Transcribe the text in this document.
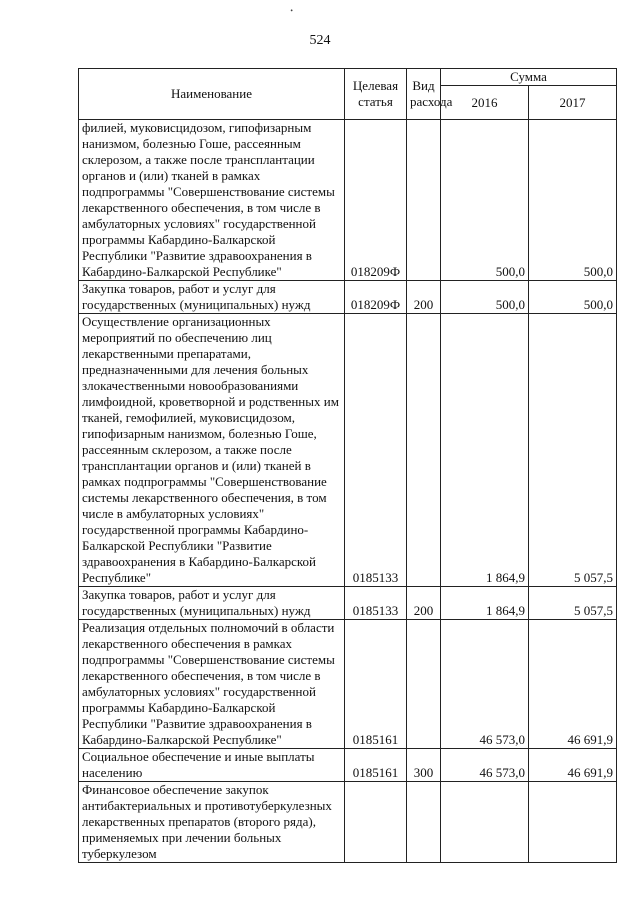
⠠
524
Наименование	Целевая статья	Вид расхода	Сумма	
			2016	2017
филией, муковисцидозом, гипофизарным нанизмом, болезнью Гоше, рассеянным склерозом, а также после трансплантации органов и (или) тканей в рамках подпрограммы "Совершенствование системы лекарственного обеспечения, в том числе в амбулаторных условиях" государственной программы Кабардино-Балкарской Республики "Развитие здравоохранения в Кабардино-Балкарской Республике"	018209Ф		500,0	500,0
Закупка товаров, работ и услуг для государственных (муниципальных) нужд	018209Ф	200	500,0	500,0
Осуществление организационных мероприятий по обеспечению лиц лекарственными препаратами, предназначенными для лечения больных злокачественными новообразованиями лимфоидной, кроветворной и родственных им тканей, гемофилией, муковисцидозом, гипофизарным нанизмом, болезнью Гоше, рассеянным склерозом, а также после трансплантации органов и (или) тканей в рамках подпрограммы "Совершенствование системы лекарственного обеспечения, в том числе в амбулаторных условиях" государственной программы Кабардино-Балкарской Республики "Развитие здравоохранения в Кабардино-Балкарской Республике"	0185133		1 864,9	5 057,5
Закупка товаров, работ и услуг для государственных (муниципальных) нужд	0185133	200	1 864,9	5 057,5
Реализация отдельных полномочий в области лекарственного обеспечения в рамках подпрограммы "Совершенствование системы лекарственного обеспечения, в том числе в амбулаторных условиях" государственной программы Кабардино-Балкарской Республики "Развитие здравоохранения в Кабардино-Балкарской Республике"	0185161		46 573,0	46 691,9
Социальное обеспечение и иные выплаты населению	0185161	300	46 573,0	46 691,9
Финансовое обеспечение закупок антибактериальных и противотуберкулезных лекарственных препаратов (второго ряда), применяемых при лечении больных туберкулезом				
